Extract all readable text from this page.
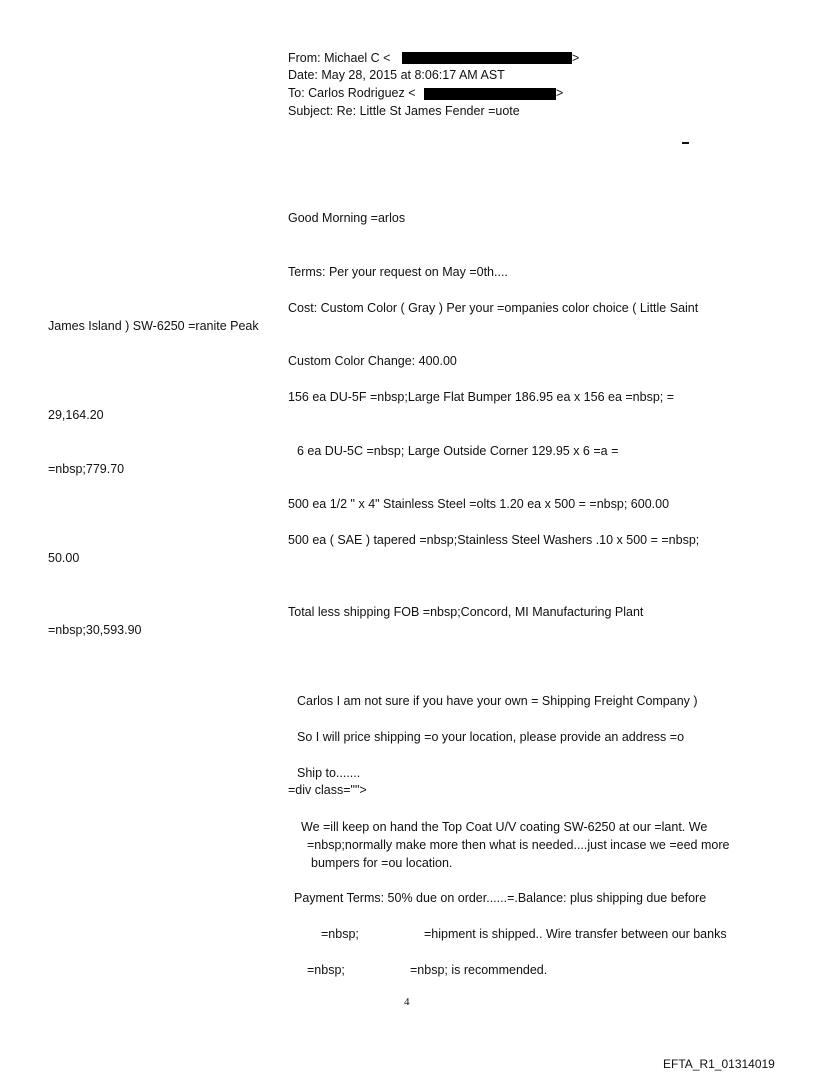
From: Michael C <	>
Date: May 28, 2015 at 8:06:17 AM AST
To: Carlos Rodriguez <	>
Subject: Re: Little St James Fender =uote
Good Morning =arlos
Terms: Per your request on May =0th....
Cost: Custom Color ( Gray ) Per your =ompanies color choice ( Little Saint
James Island ) SW-6250 =ranite Peak
Custom Color Change: 400.00
156 ea DU-5F =nbsp;Large Flat Bumper 186.95 ea x 156 ea =nbsp; =
29,164.20
6 ea DU-5C =nbsp; Large Outside Corner 129.95 x 6 =a =
=nbsp;779.70
500 ea 1/2 " x 4" Stainless Steel =olts 1.20 ea x 500 = =nbsp; 600.00
500 ea ( SAE ) tapered =nbsp;Stainless Steel Washers .10 x 500 = =nbsp;
50.00
Total less shipping FOB =nbsp;Concord, MI Manufacturing Plant
=nbsp;30,593.90
Carlos I am not sure if you have your own = Shipping Freight Company )
So I will price shipping =o your location, please provide an address =o
Ship to.......
=div class="">
We =ill keep on hand the Top Coat U/V coating SW-6250 at our =lant. We
=nbsp;normally make more then what is needed....just incase we =eed more
bumpers for =ou location.
Payment Terms: 50% due on order......=.Balance: plus shipping due before
=nbsp;	=hipment is shipped.. Wire transfer between our banks
=nbsp;	=nbsp; is recommended.
4
EFTA_R1_01314019
